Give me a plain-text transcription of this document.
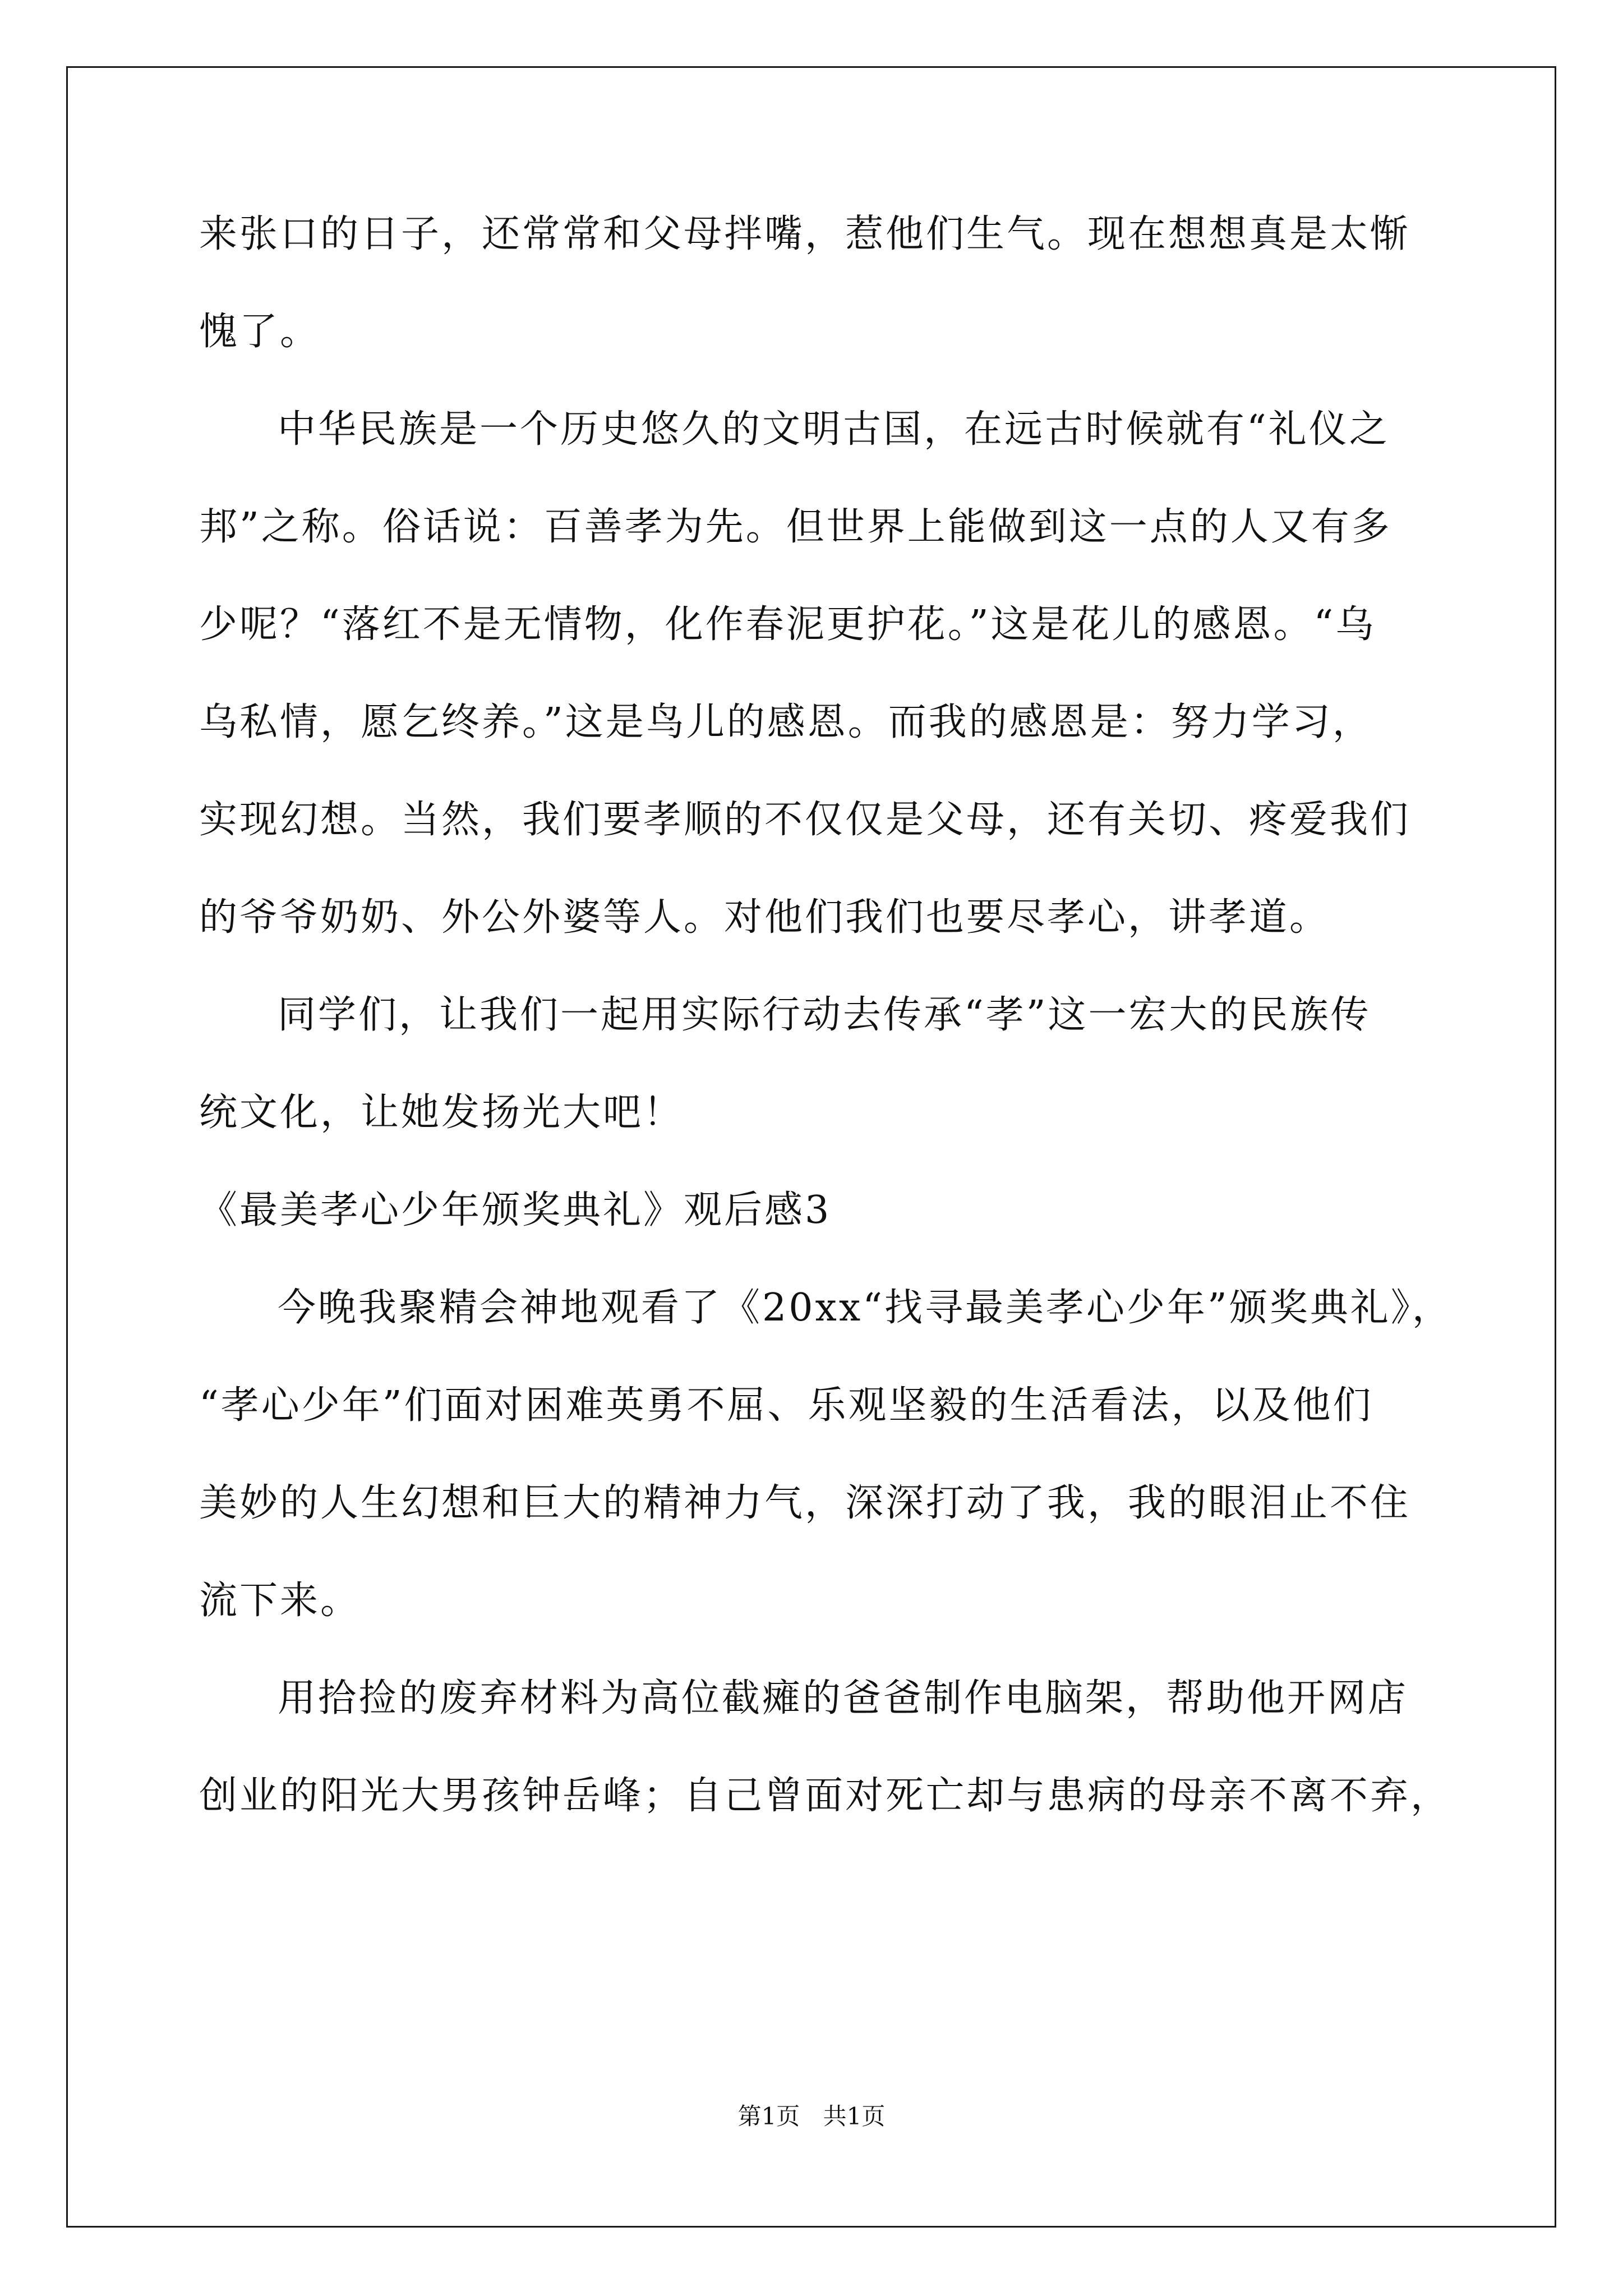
来张口的日子，还常常和父母拌嘴，惹他们生气。现在想想真是太惭
愧了。
中华民族是一个历史悠久的文明古国，在远古时候就有“礼仪之
邦”之称。俗话说：百善孝为先。但世界上能做到这一点的人又有多
少呢？“落红不是无情物，化作春泥更护花。”这是花儿的感恩。“乌
乌私情，愿乞终养。”这是鸟儿的感恩。而我的感恩是：努力学习，
实现幻想。当然，我们要孝顺的不仅仅是父母，还有关切、疼爱我们
的爷爷奶奶、外公外婆等人。对他们我们也要尽孝心，讲孝道。
同学们，让我们一起用实际行动去传承“孝”这一宏大的民族传
统文化，让她发扬光大吧！
《最美孝心少年颁奖典礼》观后感3
今晚我聚精会神地观看了《20xx“找寻最美孝心少年”颁奖典礼》，
“孝心少年”们面对困难英勇不屈、乐观坚毅的生活看法，以及他们
美妙的人生幻想和巨大的精神力气，深深打动了我，我的眼泪止不住
流下来。
用拾捡的废弃材料为高位截瘫的爸爸制作电脑架，帮助他开网店
创业的阳光大男孩钟岳峰；自己曾面对死亡却与患病的母亲不离不弃，
第1页 共1页
